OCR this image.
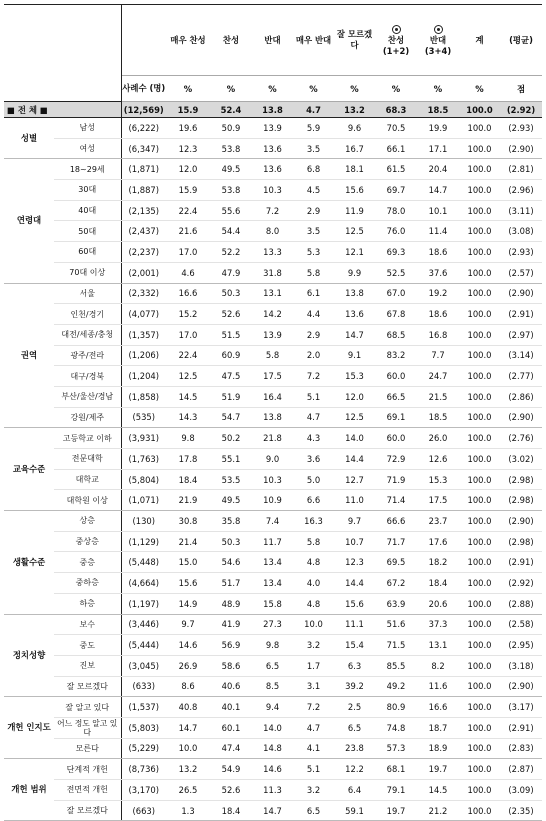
			매우 찬성	찬성	반대	매우 반대	잘 모르겠다	찬성 (1+2)	반대 (3+4)	계	(평균)
		사례수 (명)	%	%	%	%	%	%	%	%	점
■ 전 체 ■		(12,569)	15.9	52.4	13.8	4.7	13.2	68.3	18.5	100.0	(2.92)
성별	남성	(6,222)	19.6	50.9	13.9	5.9	9.6	70.5	19.9	100.0	(2.93)
	여성	(6,347)	12.3	53.8	13.6	3.5	16.7	66.1	17.1	100.0	(2.90)
연령대	18~29세	(1,871)	12.0	49.5	13.6	6.8	18.1	61.5	20.4	100.0	(2.81)
	30대	(1,887)	15.9	53.8	10.3	4.5	15.6	69.7	14.7	100.0	(2.96)
	40대	(2,135)	22.4	55.6	7.2	2.9	11.9	78.0	10.1	100.0	(3.11)
	50대	(2,437)	21.6	54.4	8.0	3.5	12.5	76.0	11.4	100.0	(3.08)
	60대	(2,237)	17.0	52.2	13.3	5.3	12.1	69.3	18.6	100.0	(2.93)
	70대 이상	(2,001)	4.6	47.9	31.8	5.8	9.9	52.5	37.6	100.0	(2.57)
권역	서울	(2,332)	16.6	50.3	13.1	6.1	13.8	67.0	19.2	100.0	(2.90)
	인천/경기	(4,077)	15.2	52.6	14.2	4.4	13.6	67.8	18.6	100.0	(2.91)
	대전/세종/충청	(1,357)	17.0	51.5	13.9	2.9	14.7	68.5	16.8	100.0	(2.97)
	광주/전라	(1,206)	22.4	60.9	5.8	2.0	9.1	83.2	7.7	100.0	(3.14)
	대구/경북	(1,204)	12.5	47.5	17.5	7.2	15.3	60.0	24.7	100.0	(2.77)
	부산/울산/경남	(1,858)	14.5	51.9	16.4	5.1	12.0	66.5	21.5	100.0	(2.86)
	강원/제주	(535)	14.3	54.7	13.8	4.7	12.5	69.1	18.5	100.0	(2.90)
교육수준	고등학교 이하	(3,931)	9.8	50.2	21.8	4.3	14.0	60.0	26.0	100.0	(2.76)
	전문대학	(1,763)	17.8	55.1	9.0	3.6	14.4	72.9	12.6	100.0	(3.02)
	대학교	(5,804)	18.4	53.5	10.3	5.0	12.7	71.9	15.3	100.0	(2.98)
	대학원 이상	(1,071)	21.9	49.5	10.9	6.6	11.0	71.4	17.5	100.0	(2.98)
생활수준	상층	(130)	30.8	35.8	7.4	16.3	9.7	66.6	23.7	100.0	(2.90)
	중상층	(1,129)	21.4	50.3	11.7	5.8	10.7	71.7	17.6	100.0	(2.98)
	중층	(5,448)	15.0	54.6	13.4	4.8	12.3	69.5	18.2	100.0	(2.91)
	중하층	(4,664)	15.6	51.7	13.4	4.0	14.4	67.2	18.4	100.0	(2.92)
	하층	(1,197)	14.9	48.9	15.8	4.8	15.6	63.9	20.6	100.0	(2.88)
정치성향	보수	(3,446)	9.7	41.9	27.3	10.0	11.1	51.6	37.3	100.0	(2.58)
	중도	(5,444)	14.6	56.9	9.8	3.2	15.4	71.5	13.1	100.0	(2.95)
	진보	(3,045)	26.9	58.6	6.5	1.7	6.3	85.5	8.2	100.0	(3.18)
	잘 모르겠다	(633)	8.6	40.6	8.5	3.1	39.2	49.2	11.6	100.0	(2.90)
개헌 인지도	잘 알고 있다	(1,537)	40.8	40.1	9.4	7.2	2.5	80.9	16.6	100.0	(3.17)
	어느 정도 알고 있다	(5,803)	14.7	60.1	14.0	4.7	6.5	74.8	18.7	100.0	(2.91)
	모른다	(5,229)	10.0	47.4	14.8	4.1	23.8	57.3	18.9	100.0	(2.83)
개헌 범위	단계적 개헌	(8,736)	13.2	54.9	14.6	5.1	12.2	68.1	19.7	100.0	(2.87)
	전면적 개헌	(3,170)	26.5	52.6	11.3	3.2	6.4	79.1	14.5	100.0	(3.09)
	잘 모르겠다	(663)	1.3	18.4	14.7	6.5	59.1	19.7	21.2	100.0	(2.35)
